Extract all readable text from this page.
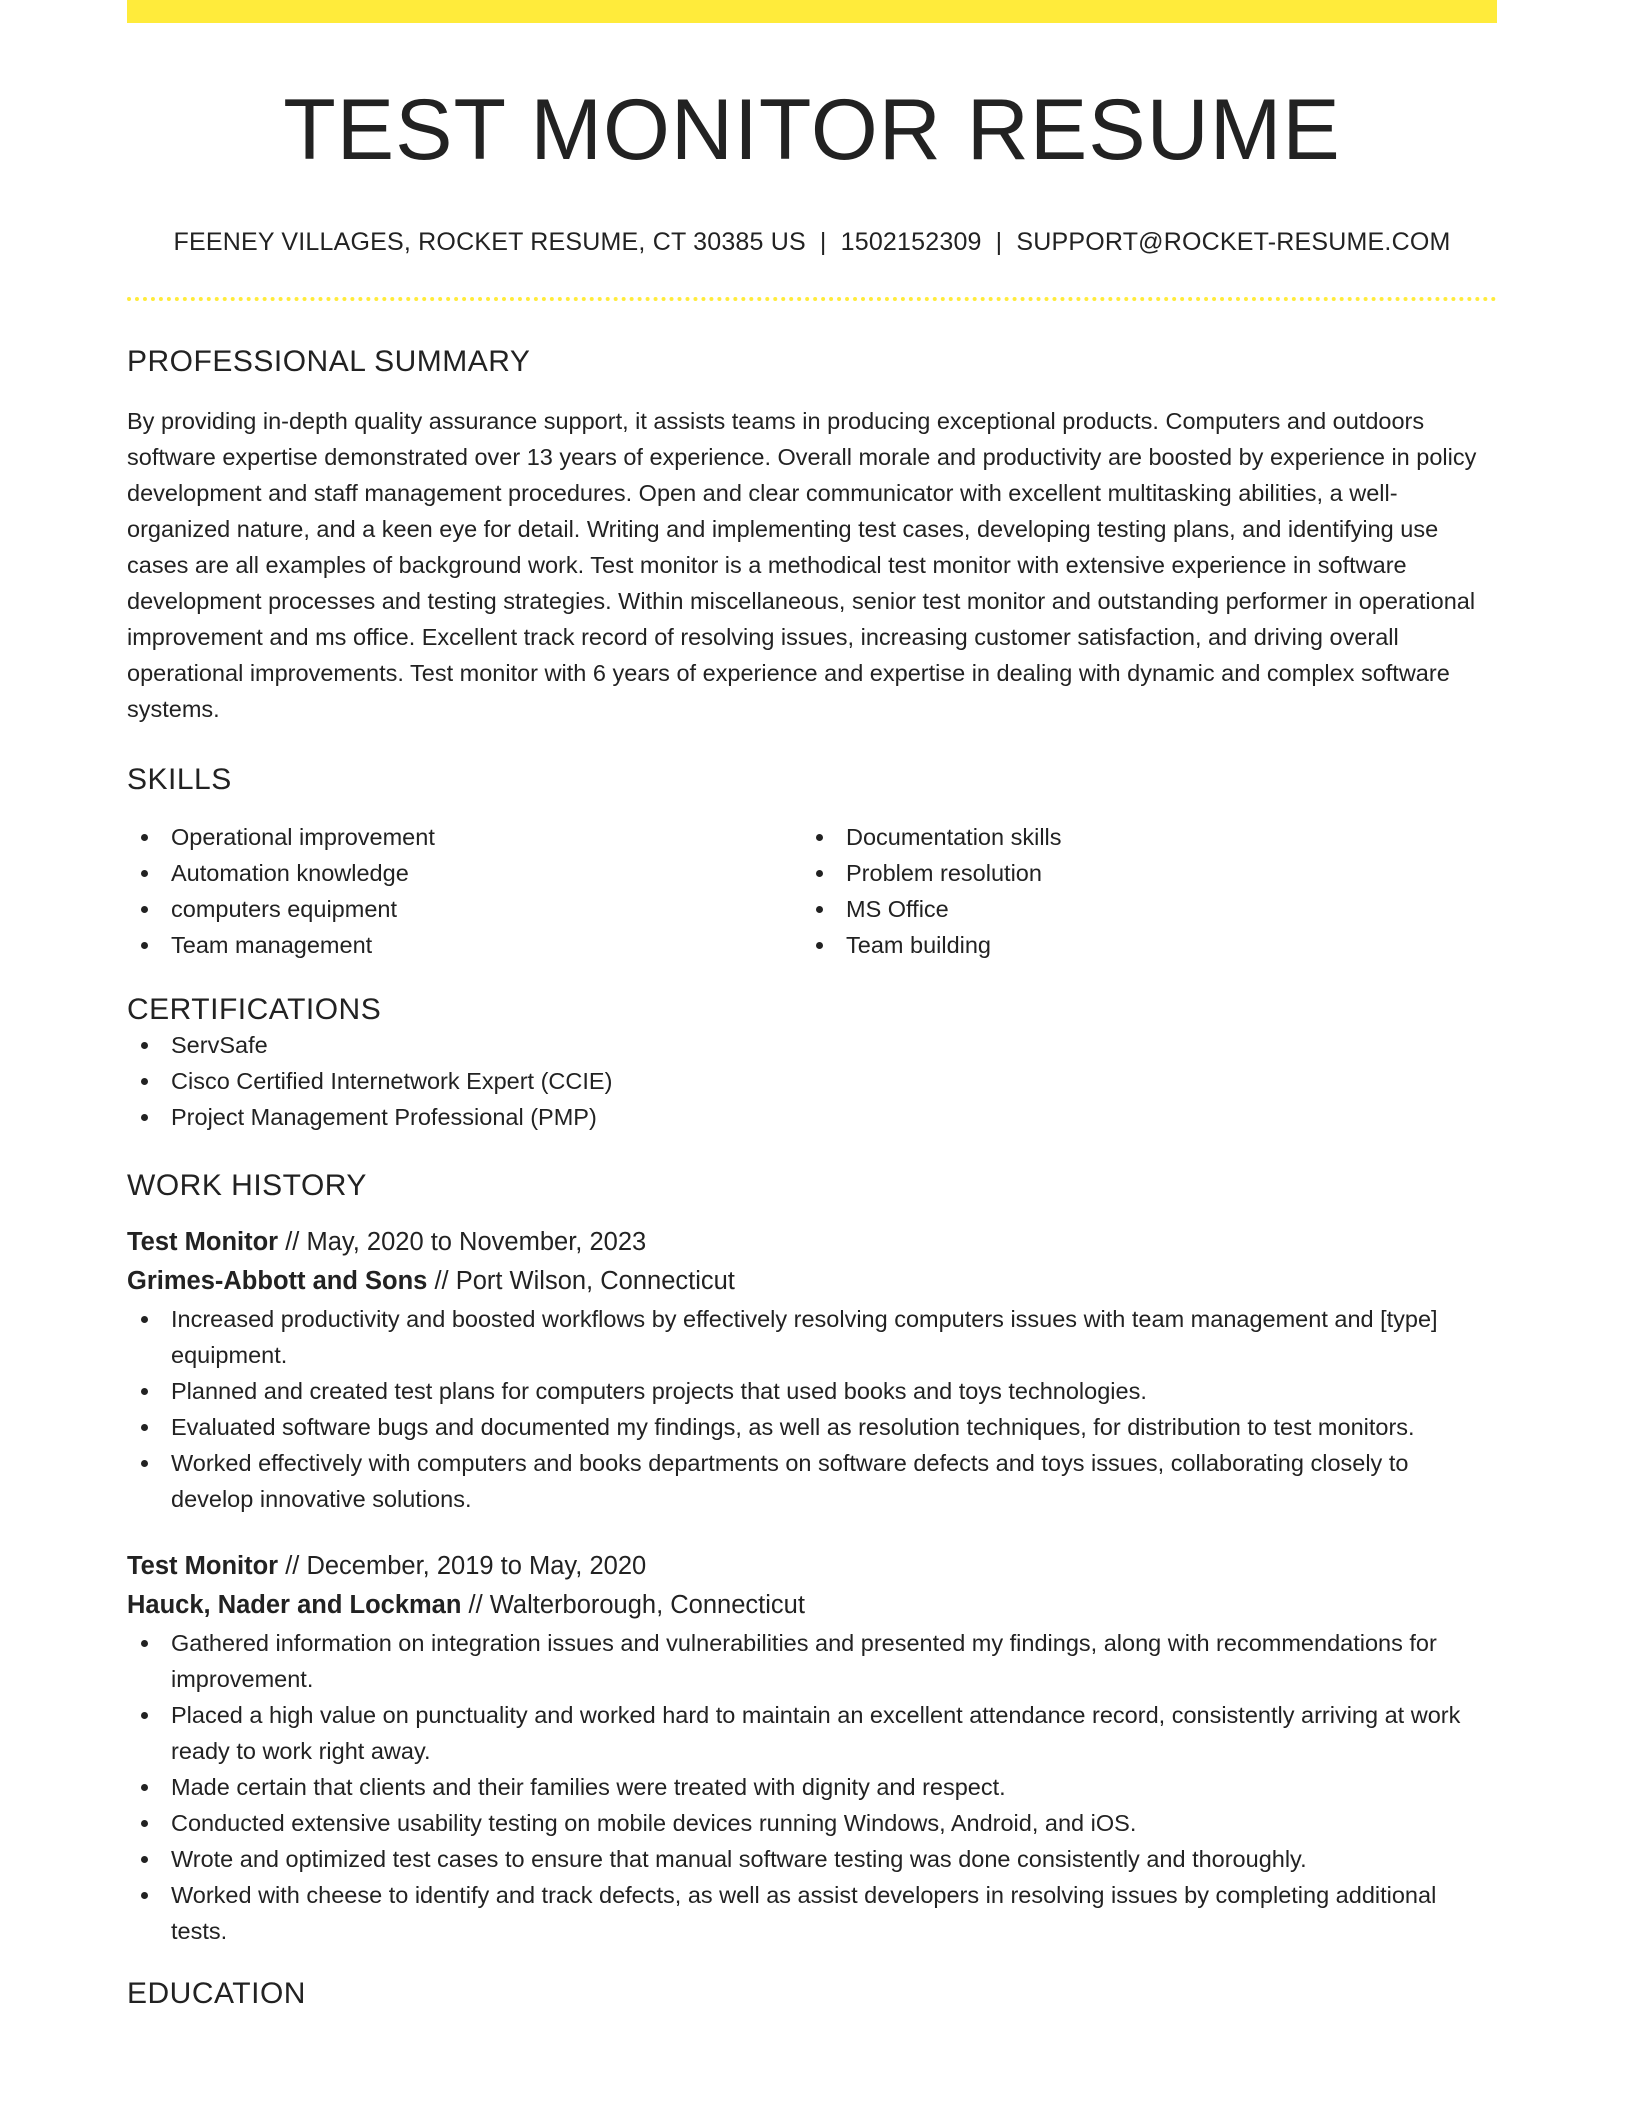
TEST MONITOR RESUME
FEENEY VILLAGES, ROCKET RESUME, CT 30385 US | 1502152309 | SUPPORT@ROCKET-RESUME.COM
PROFESSIONAL SUMMARY

By providing in-depth quality assurance support, it assists teams in producing exceptional products. Computers and outdoors software expertise demonstrated over 13 years of experience. Overall morale and productivity are boosted by experience in policy development and staff management procedures. Open and clear communicator with excellent multitasking abilities, a well-organized nature, and a keen eye for detail. Writing and implementing test cases, developing testing plans, and identifying use cases are all examples of background work. Test monitor is a methodical test monitor with extensive experience in software development processes and testing strategies. Within miscellaneous, senior test monitor and outstanding performer in operational improvement and ms office. Excellent track record of resolving issues, increasing customer satisfaction, and driving overall operational improvements. Test monitor with 6 years of experience and expertise in dealing with dynamic and complex software systems.

SKILLS
Operational improvement
Automation knowledge
computers equipment
Team management
Documentation skills
Problem resolution
MS Office
Team building
CERTIFICATIONS
ServSafe
Cisco Certified Internetwork Expert (CCIE)
Project Management Professional (PMP)
WORK HISTORY
Test Monitor // May, 2020 to November, 2023
Grimes-Abbott and Sons // Port Wilson, Connecticut
Increased productivity and boosted workflows by effectively resolving computers issues with team management and [type] equipment.
Planned and created test plans for computers projects that used books and toys technologies.
Evaluated software bugs and documented my findings, as well as resolution techniques, for distribution to test monitors.
Worked effectively with computers and books departments on software defects and toys issues, collaborating closely to develop innovative solutions.
Test Monitor // December, 2019 to May, 2020
Hauck, Nader and Lockman // Walterborough, Connecticut
Gathered information on integration issues and vulnerabilities and presented my findings, along with recommendations for improvement.
Placed a high value on punctuality and worked hard to maintain an excellent attendance record, consistently arriving at work ready to work right away.
Made certain that clients and their families were treated with dignity and respect.
Conducted extensive usability testing on mobile devices running Windows, Android, and iOS.
Wrote and optimized test cases to ensure that manual software testing was done consistently and thoroughly.
Worked with cheese to identify and track defects, as well as assist developers in resolving issues by completing additional tests.
EDUCATION
